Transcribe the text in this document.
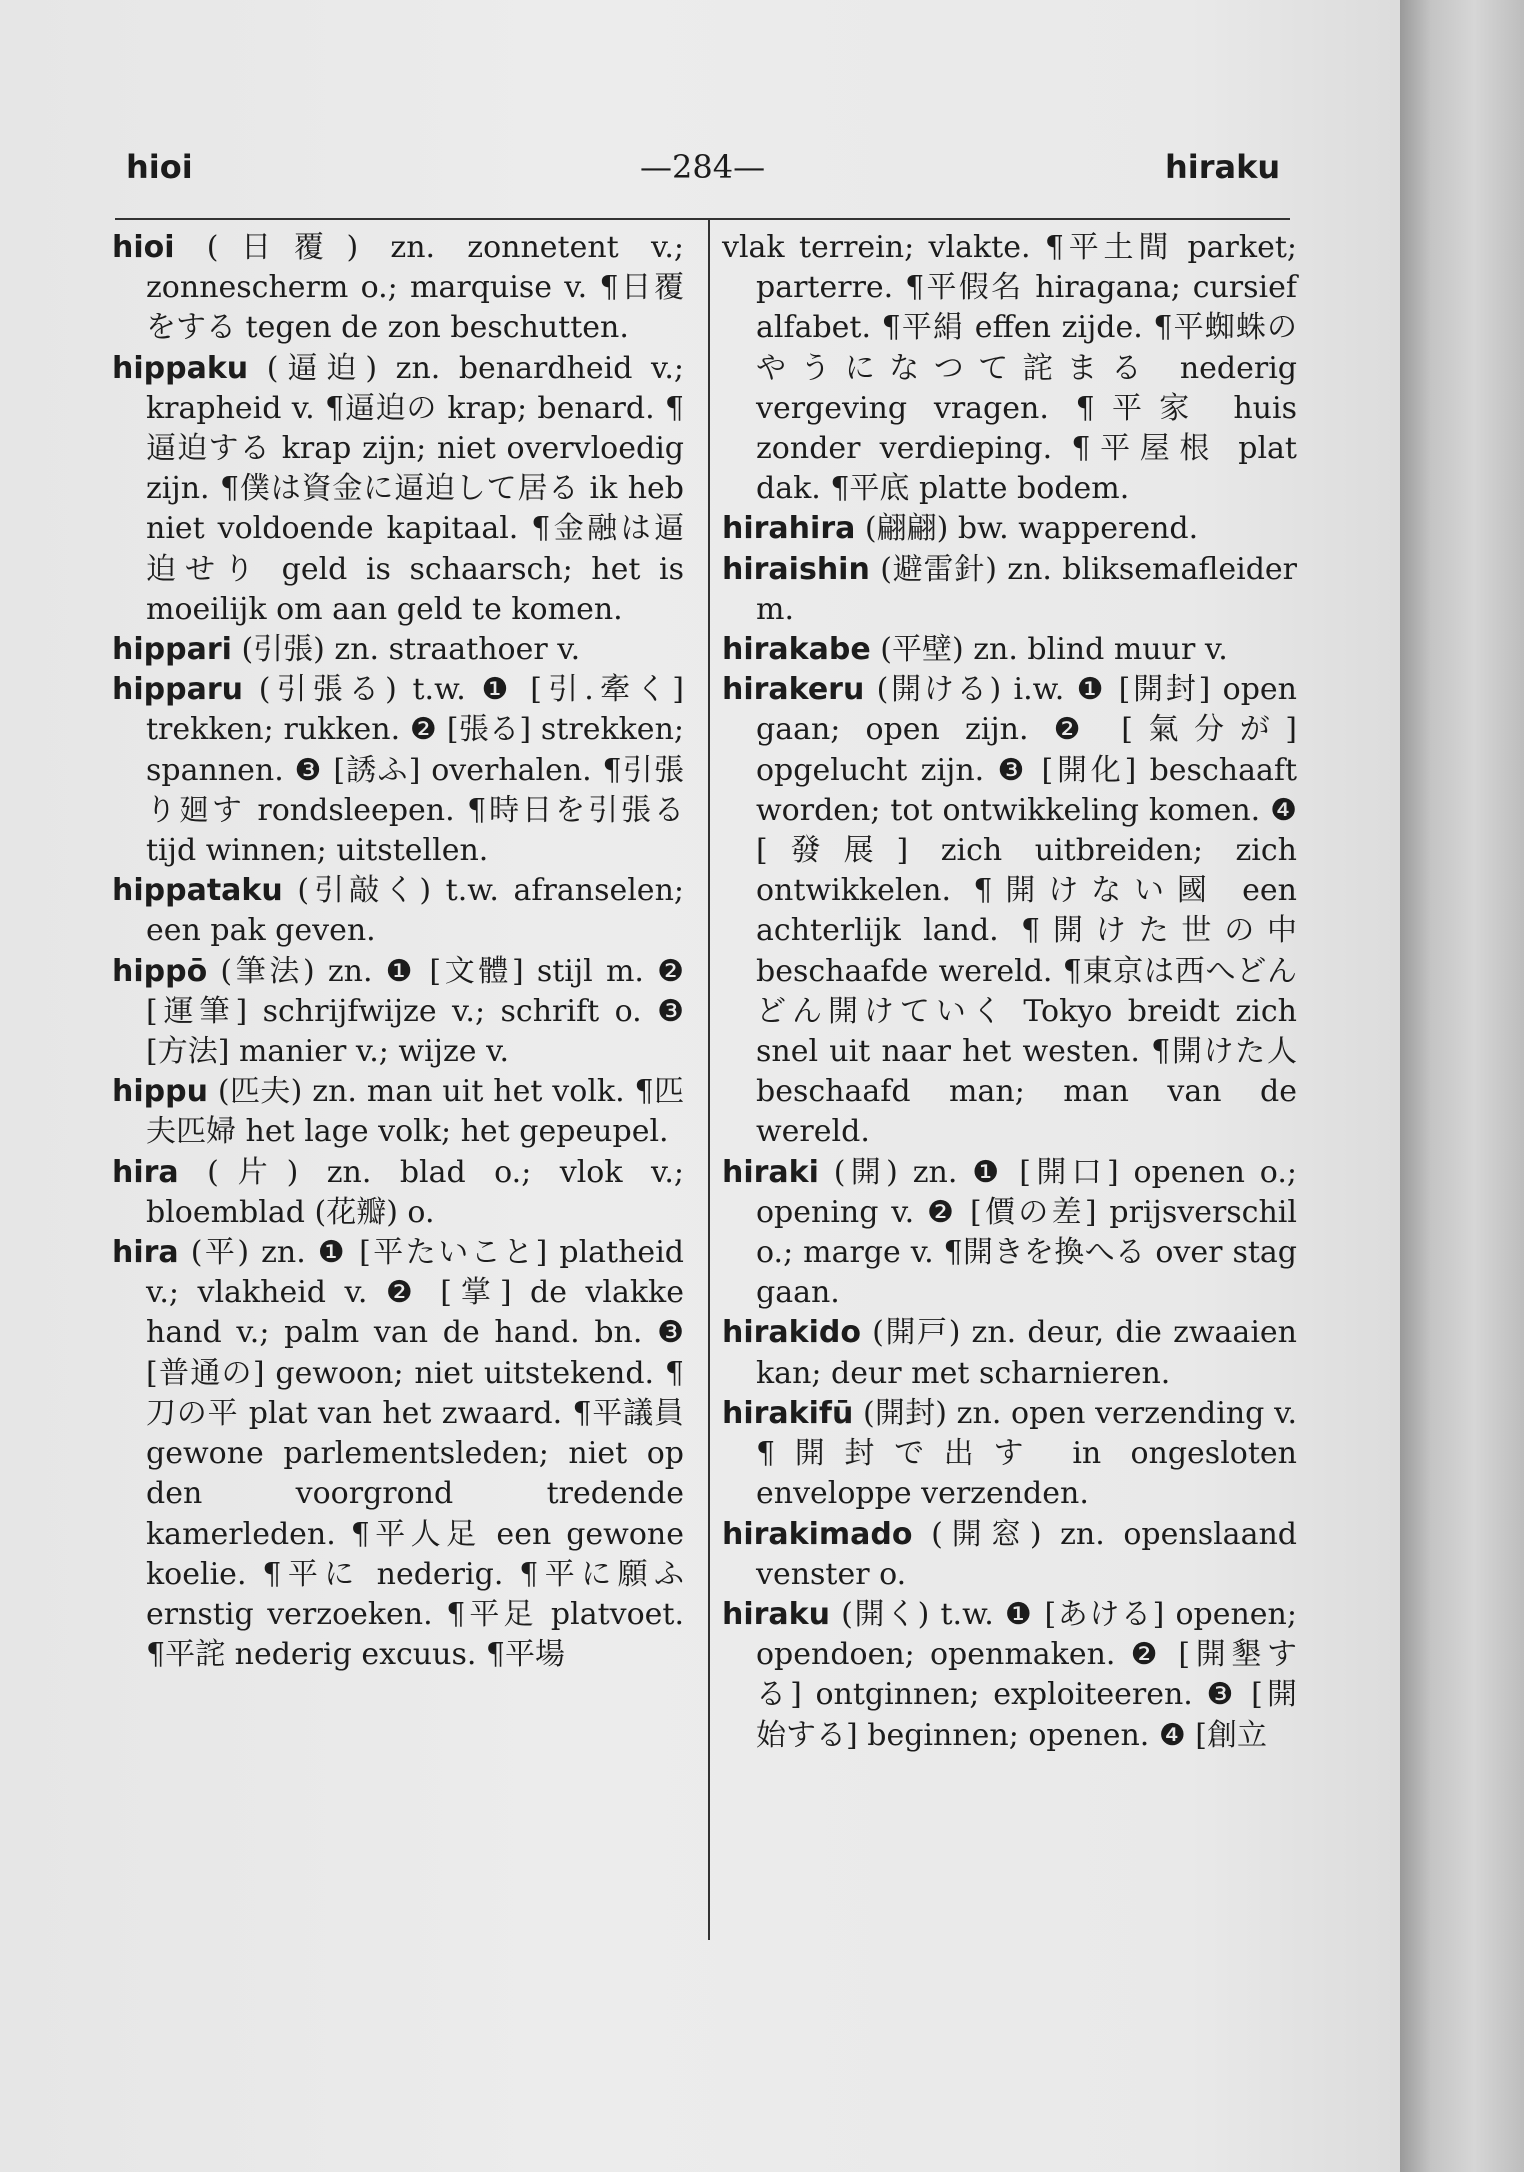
hioi	—284—	hiraku

hioi (日覆) zn. zonnetent v.; zonnescherm o.; marquise v. ¶日覆をする tegen de zon beschutten.

hippaku (逼迫) zn. benardheid v.; krapheid v. ¶逼迫の krap; benard. ¶逼迫する krap zijn; niet overvloedig zijn. ¶僕は資金に逼迫して居る ik heb niet voldoende kapitaal. ¶金融は逼迫せり geld is schaarsch; het is moeilijk om aan geld te komen.

hippari (引張) zn. straathoer v.

hipparu (引張る) t.w. ❶ [引.牽く] trekken; rukken. ❷ [張る] strekken; spannen. ❸ [誘ふ] overhalen. ¶引張り廻す rondsleepen. ¶時日を引張る tijd winnen; uitstellen.

hippataku (引敲く) t.w. afranselen; een pak geven.

hippō (筆法) zn. ❶ [文體] stijl m. ❷ [運筆] schrijfwijze v.; schrift o. ❸ [方法] manier v.; wijze v.

hippu (匹夫) zn. man uit het volk. ¶匹夫匹婦 het lage volk; het gepeupel.

hira (片) zn. blad o.; vlok v.; bloemblad (花瓣) o.

hira (平) zn. ❶ [平たいこと] platheid v.; vlakheid v. ❷ [掌] de vlakke hand v.; palm van de hand. bn. ❸ [普通の] gewoon; niet uitstekend. ¶刀の平 plat van het zwaard. ¶平議員 gewone parlementsleden; niet op den voorgrond tredende kamerleden. ¶平人足 een gewone koelie. ¶平に nederig. ¶平に願ふ ernstig verzoeken. ¶平足 platvoet. ¶平詫 nederig excuus. ¶平場

vlak terrein; vlakte. ¶平土間 parket; parterre. ¶平假名 hiragana; cursief alfabet. ¶平絹 effen zijde. ¶平蜘蛛のやうになつて詫まる nederig vergeving vragen. ¶平家 huis zonder verdieping. ¶平屋根 plat dak. ¶平底 platte bodem.

hirahira (翩翩) bw. wapperend.

hiraishin (避雷針) zn. bliksemafleider m.

hirakabe (平壁) zn. blind muur v.

hirakeru (開ける) i.w. ❶ [開封] open gaan; open zijn. ❷ [氣分が] opgelucht zijn. ❸ [開化] beschaaft worden; tot ontwikkeling komen. ❹ [發展] zich uitbreiden; zich ontwikkelen. ¶開けない國 een achterlijk land. ¶開けた世の中 beschaafde wereld. ¶東京は西へどんどん開けていく Tokyo breidt zich snel uit naar het westen. ¶開けた人 beschaafd man; man van de wereld.

hiraki (開) zn. ❶ [開口] openen o.; opening v. ❷ [價の差] prijsverschil o.; marge v. ¶開きを換へる over stag gaan.

hirakido (開戸) zn. deur, die zwaaien kan; deur met scharnieren.

hirakifū (開封) zn. open verzending v. ¶開封で出す in ongesloten enveloppe verzenden.

hirakimado (開窓) zn. openslaand venster o.

hiraku (開く) t.w. ❶ [あける] openen; opendoen; openmaken. ❷ [開墾する] ontginnen; exploiteeren. ❸ [開始する] beginnen; openen. ❹ [創立
